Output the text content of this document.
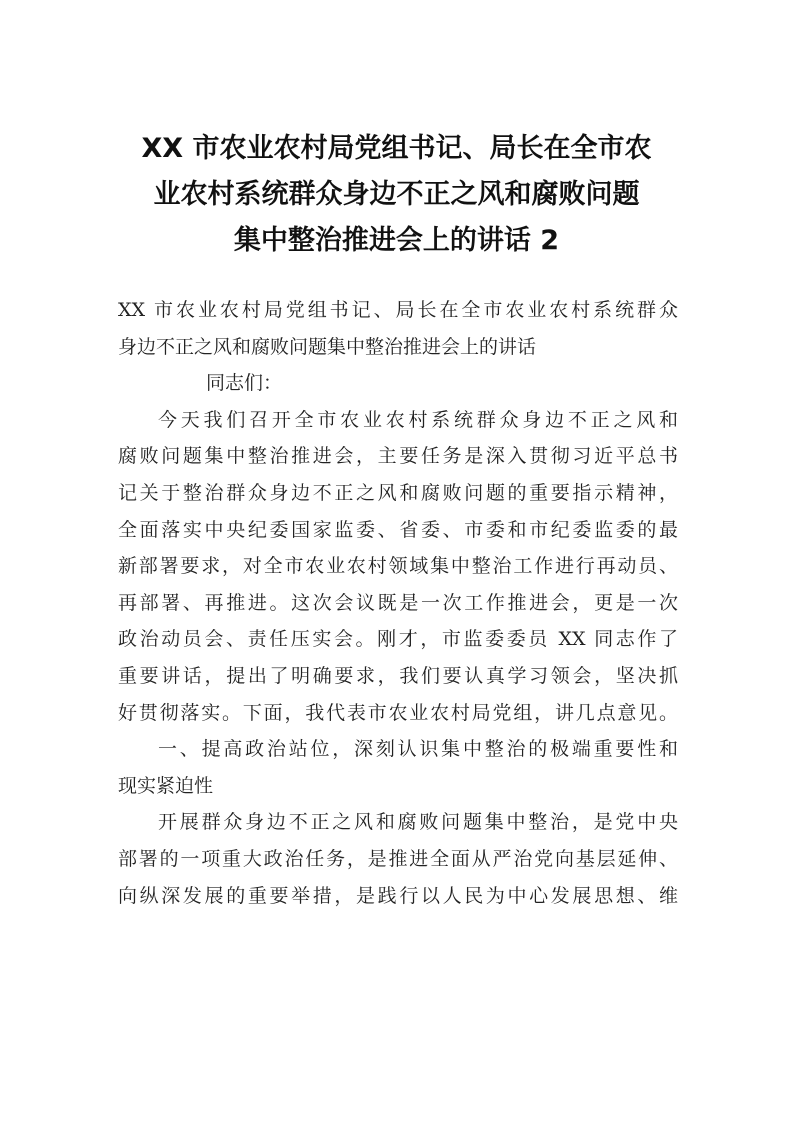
XX 市农业农村局党组书记、局长在全市农
业农村系统群众身边不正之风和腐败问题
集中整治推进会上的讲话 2
XX 市农业农村局党组书记、局长在全市农业农村系统群众
身边不正之风和腐败问题集中整治推进会上的讲话
同志们：
今天我们召开全市农业农村系统群众身边不正之风和
腐败问题集中整治推进会，主要任务是深入贯彻习近平总书
记关于整治群众身边不正之风和腐败问题的重要指示精神，
全面落实中央纪委国家监委、省委、市委和市纪委监委的最
新部署要求，对全市农业农村领域集中整治工作进行再动员、
再部署、再推进。这次会议既是一次工作推进会，更是一次
政治动员会、责任压实会。刚才，市监委委员 XX 同志作了
重要讲话，提出了明确要求，我们要认真学习领会，坚决抓
好贯彻落实。下面，我代表市农业农村局党组，讲几点意见。
一、提高政治站位，深刻认识集中整治的极端重要性和
现实紧迫性
开展群众身边不正之风和腐败问题集中整治，是党中央
部署的一项重大政治任务，是推进全面从严治党向基层延伸、
向纵深发展的重要举措，是践行以人民为中心发展思想、维
